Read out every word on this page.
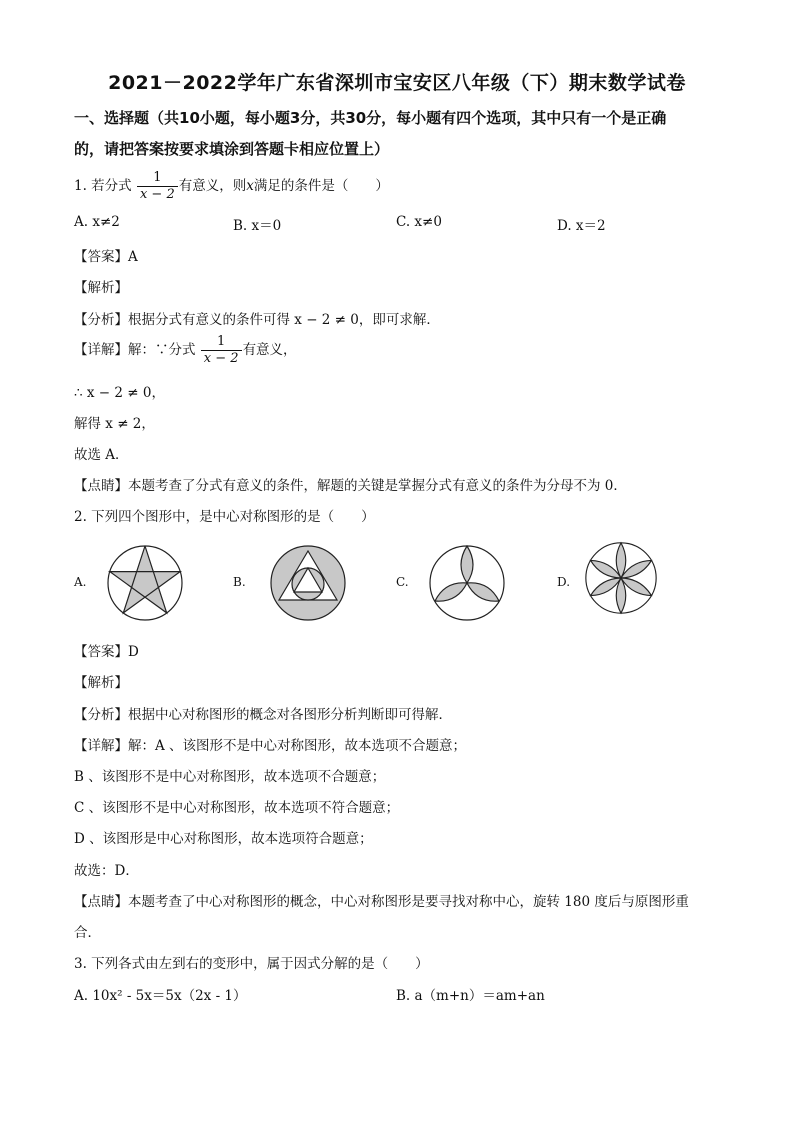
2021－2022学年广东省深圳市宝安区八年级（下）期末数学试卷
一、选择题（共10小题，每小题3分，共30分，每小题有四个选项，其中只有一个是正确
的，请把答案按要求填涂到答题卡相应位置上）
1. 若分式 $\frac{1}{x - 2}$ 有意义，则x满足的条件是（　　）
A. x≠2	B. x＝0	C. x≠0	D. x＝2
【答案】A
【解析】
【分析】根据分式有意义的条件可得 x − 2 ≠ 0，即可求解．
【详解】解：∵分式 $\frac{1}{x - 2}$ 有意义，
∴ x − 2 ≠ 0，
解得 x ≠ 2，
故选 A．
【点睛】本题考查了分式有意义的条件，解题的关键是掌握分式有意义的条件为分母不为 0．
2. 下列四个图形中，是中心对称图形的是（　　）
A.	B.	C.	D.
【答案】D
【解析】
【分析】根据中心对称图形的概念对各图形分析判断即可得解．
【详解】解：A 、该图形不是中心对称图形，故本选项不合题意；
B 、该图形不是中心对称图形，故本选项不合题意；
C 、该图形不是中心对称图形，故本选项不符合题意；
D 、该图形是中心对称图形，故本选项符合题意；
故选：D．
【点睛】本题考查了中心对称图形的概念，中心对称图形是要寻找对称中心，旋转 180 度后与原图形重
合．
3. 下列各式由左到右的变形中，属于因式分解的是（　　）
A. 10x² - 5x＝5x（2x - 1）	B. a（m+n）＝am+an
